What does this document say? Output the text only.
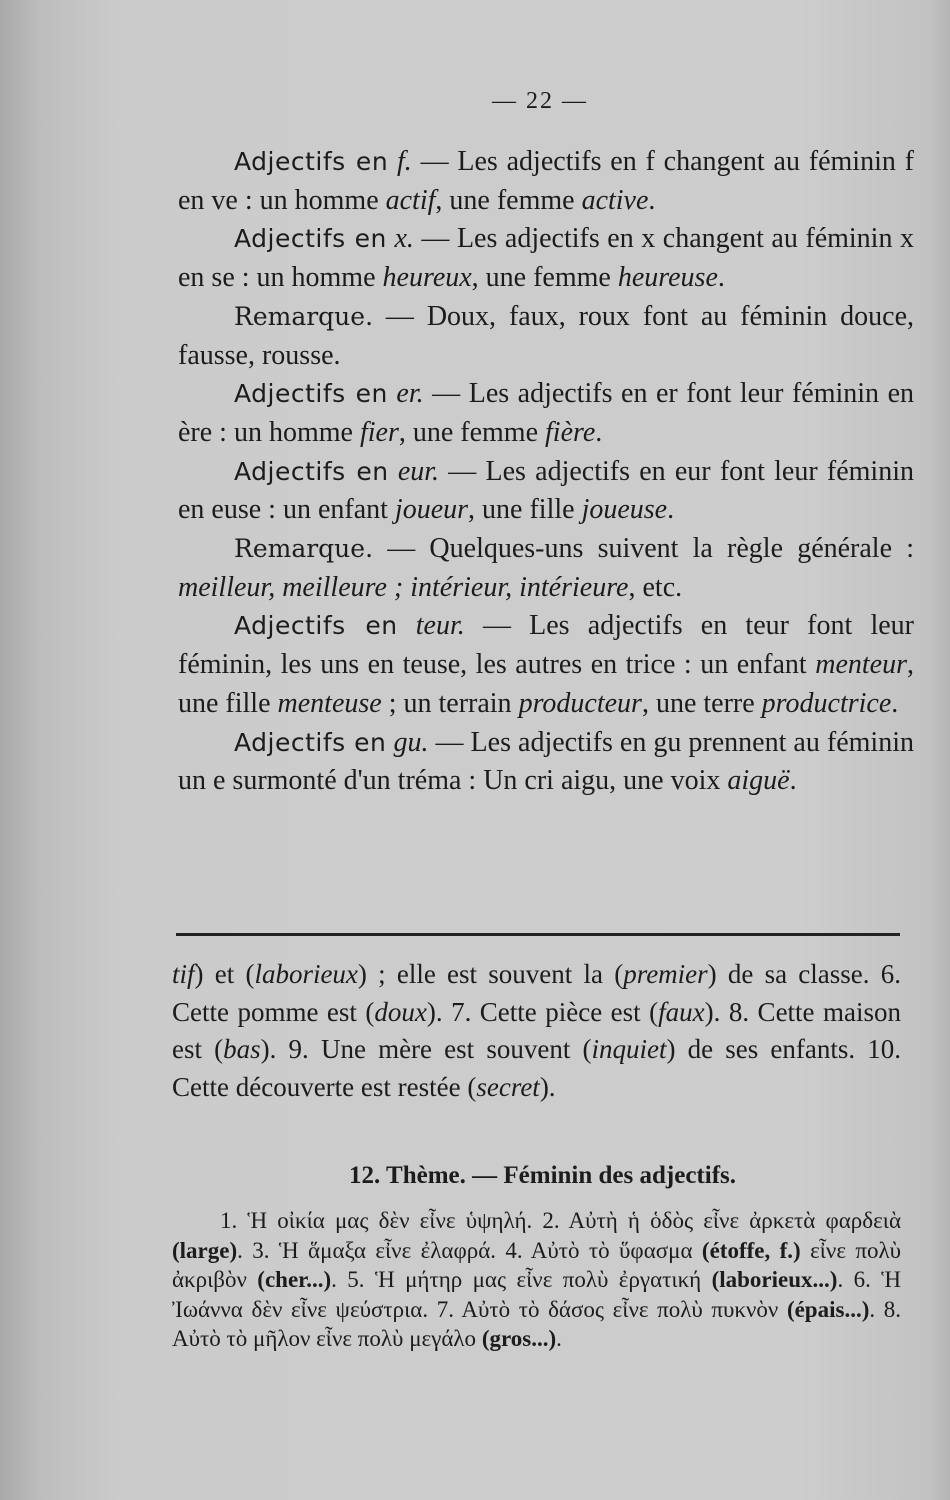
— 22 —

Adjectifs en f. — Les adjectifs en f changent au féminin f en ve : un homme actif, une femme active.

Adjectifs en x. — Les adjectifs en x changent au féminin x en se : un homme heureux, une femme heureuse.

Remarque. — Doux, faux, roux font au féminin douce, fausse, rousse.

Adjectifs en er. — Les adjectifs en er font leur féminin en ère : un homme fier, une femme fière.

Adjectifs en eur. — Les adjectifs en eur font leur féminin en euse : un enfant joueur, une fille joueuse.

Remarque. — Quelques-uns suivent la règle générale : meilleur, meilleure ; intérieur, intérieure, etc.

Adjectifs en teur. — Les adjectifs en teur font leur féminin, les uns en teuse, les autres en trice : un enfant menteur, une fille menteuse ; un terrain producteur, une terre productrice.

Adjectifs en gu. — Les adjectifs en gu prennent au féminin un e surmonté d'un tréma : Un cri aigu, une voix aiguë.

tif) et (laborieux) ; elle est souvent la (premier) de sa classe. 6. Cette pomme est (doux). 7. Cette pièce est (faux). 8. Cette maison est (bas). 9. Une mère est souvent (inquiet) de ses enfants. 10. Cette découverte est restée (secret).

12. Thème. — Féminin des adjectifs.

1. Ἡ οἰκία μας δὲν εἶνε ὑψηλή. 2. Αὐτὴ ἡ ὁδὸς εἶνε ἀρκετὰ φαρδειὰ (large). 3. Ἡ ἅμαξα εἶνε ἐλαφρά. 4. Αὐτὸ τὸ ὕφασμα (étoffe, f.) εἶνε πολὺ ἀκριβὸν (cher...). 5. Ἡ μήτηρ μας εἶνε πολὺ ἐργατική (laborieux...). 6. Ἡ Ἰωάννα δὲν εἶνε ψεύστρια. 7. Αὐτὸ τὸ δάσος εἶνε πολὺ πυκνὸν (épais...). 8. Αὐτὸ τὸ μῆλον εἶνε πολὺ μεγάλο (gros...).
